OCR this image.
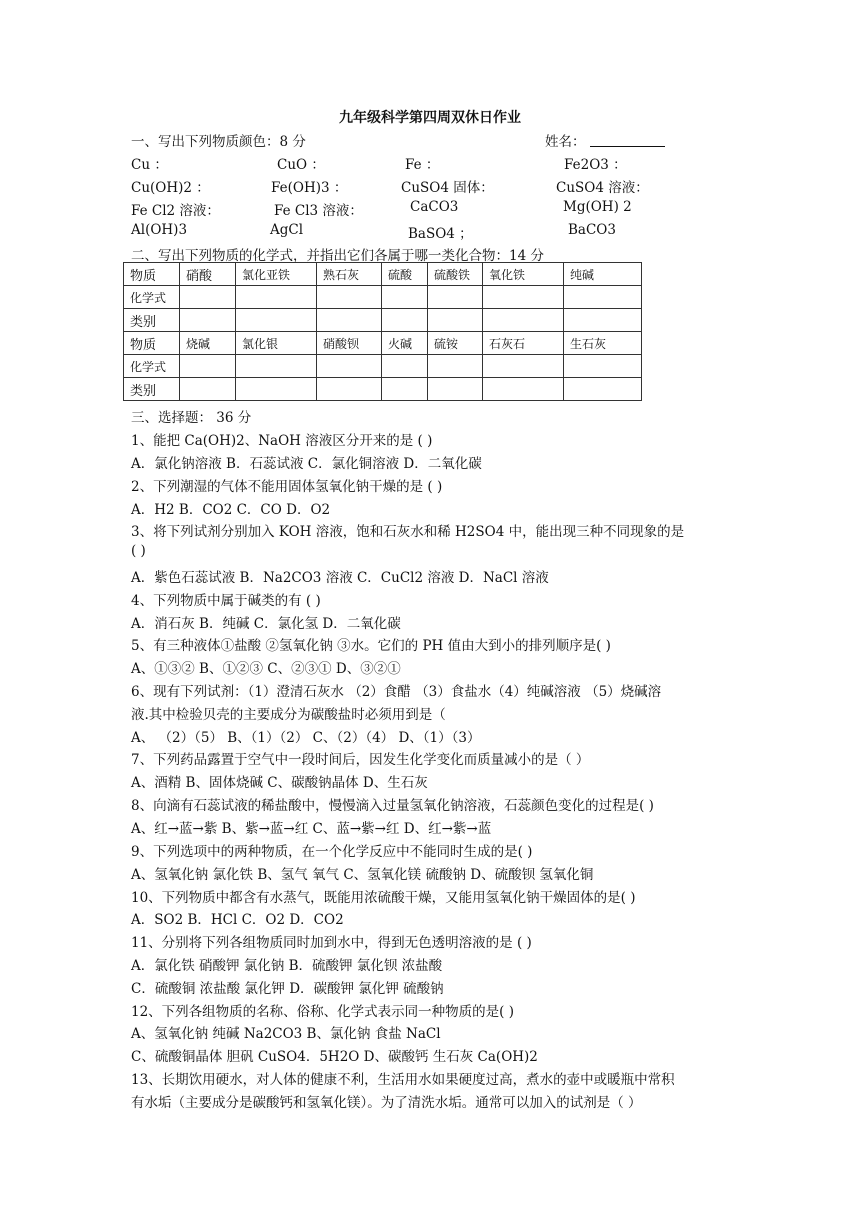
九年级科学第四周双休日作业
一、写出下列物质颜色：8 分	姓名：
Cu ：	CuO ：	Fe ：	Fe2O3 ：
Cu(OH)2 ：	Fe(OH)3 ：	CuSO4 固体：	CuSO4 溶液：
Fe Cl2 溶液：	Fe Cl3 溶液：	CaCO3	Mg(OH) 2
Al(OH)3	AgCl	BaSO4 ；	BaCO3
二、写出下列物质的化学式，并指出它们各属于哪一类化合物：14 分
物质	硝酸	氯化亚铁	熟石灰	硫酸	硫酸铁	氧化铁	纯碱
化学式							
类别							
物质	烧碱	氯化银	硝酸钡	火碱	硫铵	石灰石	生石灰
化学式							
类别							
三、选择题： 36 分
1、能把 Ca(OH)2、NaOH 溶液区分开来的是 ( )
A．氯化钠溶液 B．石蕊试液 C．氯化铜溶液 D．二氧化碳
2、下列潮湿的气体不能用固体氢氧化钠干燥的是 ( )
A．H2 B．CO2 C．CO D．O2
3、将下列试剂分别加入 KOH 溶液，饱和石灰水和稀 H2SO4 中，能出现三种不同现象的是
( )
A．紫色石蕊试液 B．Na2CO3 溶液 C．CuCl2 溶液 D．NaCl 溶液
4、下列物质中属于碱类的有 ( )
A．消石灰 B．纯碱 C．氯化氢 D．二氧化碳
5、有三种液体①盐酸 ②氢氧化钠 ③水。它们的 PH 值由大到小的排列顺序是( )
A、①③② B、①②③ C、②③① D、③②①
6、现有下列试剂：（1）澄清石灰水 （2）食醋 （3）食盐水（4）纯碱溶液 （5）烧碱溶
液.其中检验贝壳的主要成分为碳酸盐时必须用到是（
A、 （2）（5） B、（1）（2） C、（2）（4） D、（1）（3）
7、下列药品露置于空气中一段时间后，因发生化学变化而质量减小的是（ ）
A、酒精 B、固体烧碱 C、碳酸钠晶体 D、生石灰
8、向滴有石蕊试液的稀盐酸中，慢慢滴入过量氢氧化钠溶液，石蕊颜色变化的过程是( )
A、红→蓝→紫 B、紫→蓝→红 C、蓝→紫→红 D、红→紫→蓝
9、下列选项中的两种物质，在一个化学反应中不能同时生成的是( )
A、氢氧化钠 氯化铁 B、氢气 氧气 C、氢氧化镁 硫酸钠 D、硫酸钡 氢氧化铜
10、下列物质中都含有水蒸气，既能用浓硫酸干燥，又能用氢氧化钠干燥固体的是( )
A．SO2 B．HCl C．O2 D．CO2
11、分别将下列各组物质同时加到水中，得到无色透明溶液的是 ( )
A．氯化铁 硝酸钾 氯化钠 B．硫酸钾 氯化钡 浓盐酸
C．硫酸铜 浓盐酸 氯化钾 D．碳酸钾 氯化钾 硫酸钠
12、下列各组物质的名称、俗称、化学式表示同一种物质的是( )
A、氢氧化钠 纯碱 Na2CO3 B、氯化钠 食盐 NaCl
C、硫酸铜晶体 胆矾 CuSO4．5H2O D、碳酸钙 生石灰 Ca(OH)2
13、长期饮用硬水，对人体的健康不利，生活用水如果硬度过高，煮水的壶中或暖瓶中常积
有水垢（主要成分是碳酸钙和氢氧化镁）。为了清洗水垢。通常可以加入的试剂是（ ）
